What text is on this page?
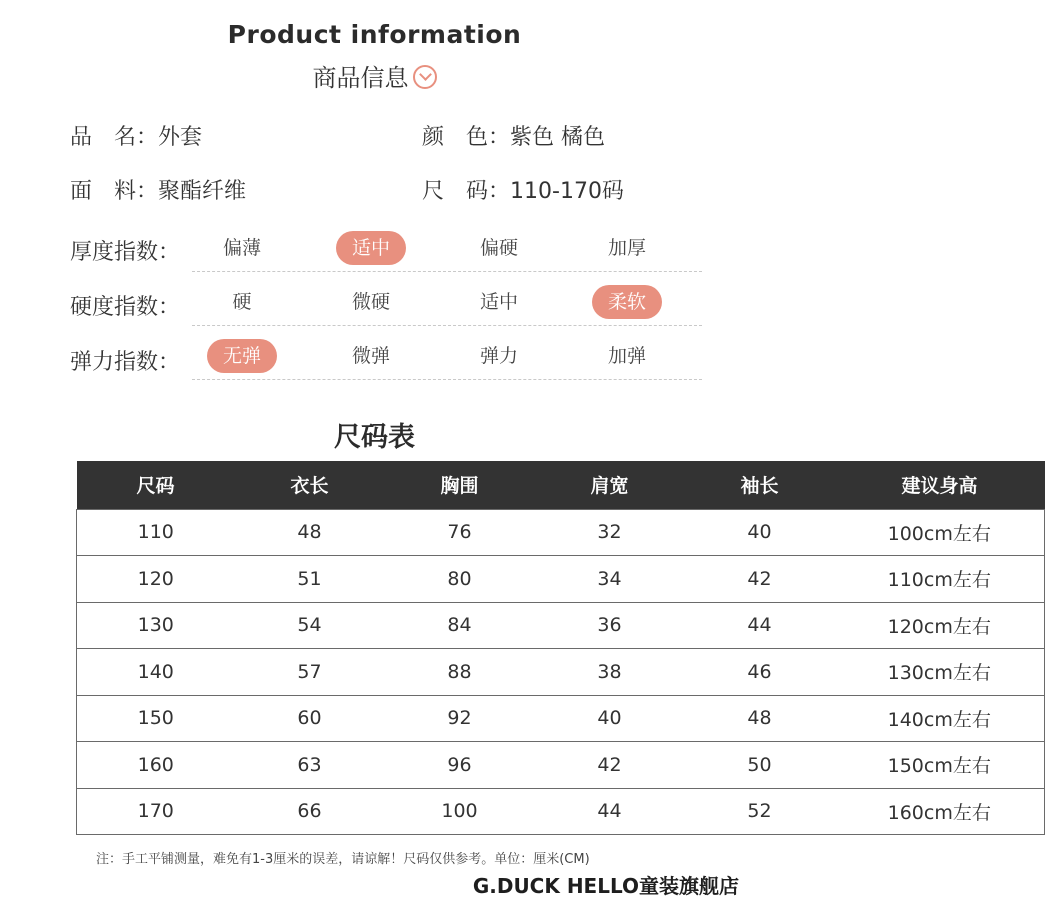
Product information
商品信息
品　名：外套	颜　色：紫色 橘色
面　料：聚酯纤维	尺　码：110-170码
厚度指数：	偏薄	适中	偏硬	加厚
硬度指数：	硬	微硬	适中	柔软
弹力指数：	无弹	微弹	弹力	加弹
尺码表
尺码	衣长	胸围	肩宽	袖长	建议身高
110	48	76	32	40	100cm左右
120	51	80	34	42	110cm左右
130	54	84	36	44	120cm左右
140	57	88	38	46	130cm左右
150	60	92	40	48	140cm左右
160	63	96	42	50	150cm左右
170	66	100	44	52	160cm左右
注：手工平铺测量，难免有1-3厘米的误差，请谅解！尺码仅供参考。单位：厘米(CM)
G.DUCK HELLO童装旗舰店
